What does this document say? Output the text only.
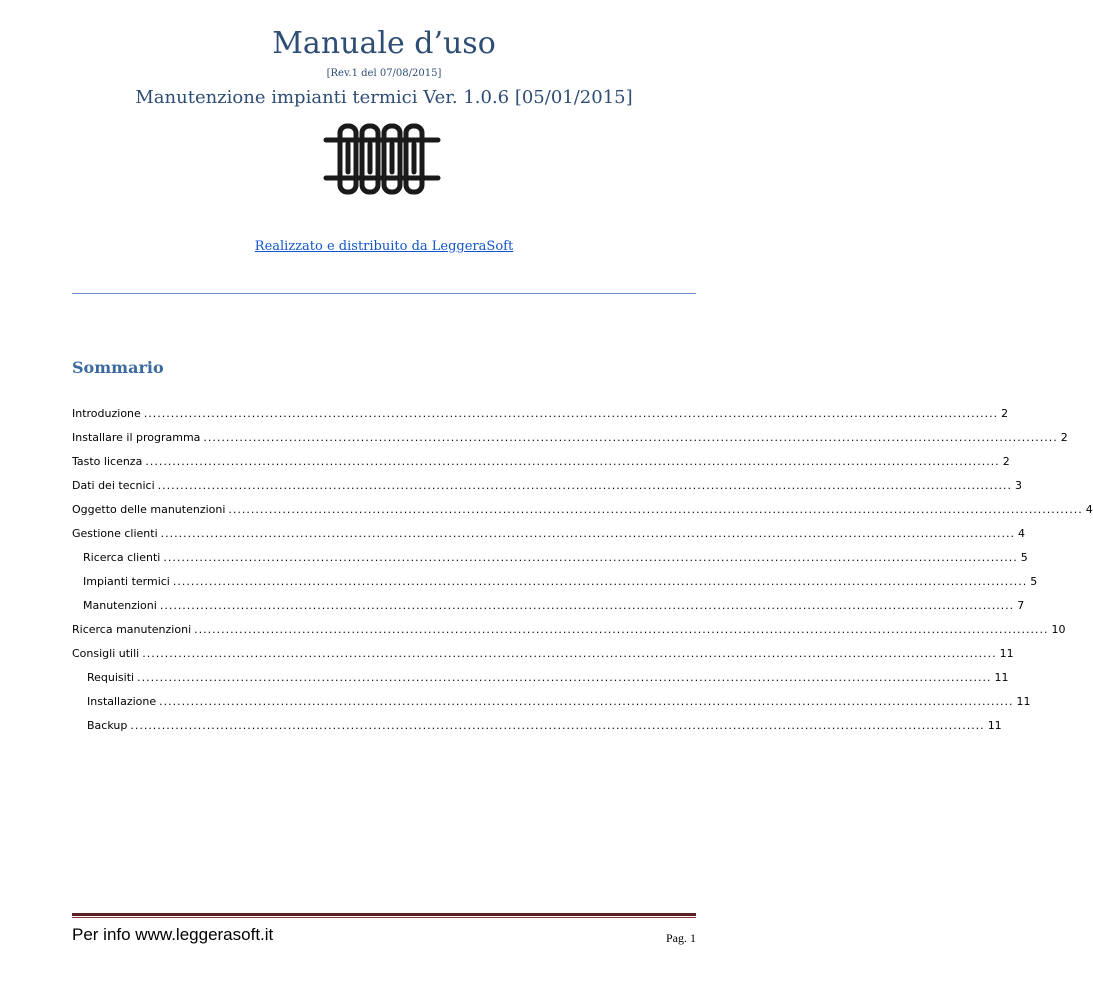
Manuale d’uso
[Rev.1 del 07/08/2015]
Manutenzione impianti termici Ver. 1.0.6 [05/01/2015]
Realizzato e distribuito da LeggeraSoft
Sommario
Introduzione .............................................................................................................................................................................................. 2
Installare il programma .............................................................................................................................................................................................. 2
Tasto licenza .............................................................................................................................................................................................. 2
Dati dei tecnici .............................................................................................................................................................................................. 3
Oggetto delle manutenzioni .............................................................................................................................................................................................. 4
Gestione clienti .............................................................................................................................................................................................. 4
Ricerca clienti .............................................................................................................................................................................................. 5
Impianti termici .............................................................................................................................................................................................. 5
Manutenzioni .............................................................................................................................................................................................. 7
Ricerca manutenzioni .............................................................................................................................................................................................. 10
Consigli utili .............................................................................................................................................................................................. 11
Requisiti .............................................................................................................................................................................................. 11
Installazione .............................................................................................................................................................................................. 11
Backup .............................................................................................................................................................................................. 11
Per info www.leggerasoft.it	Pag. 1
